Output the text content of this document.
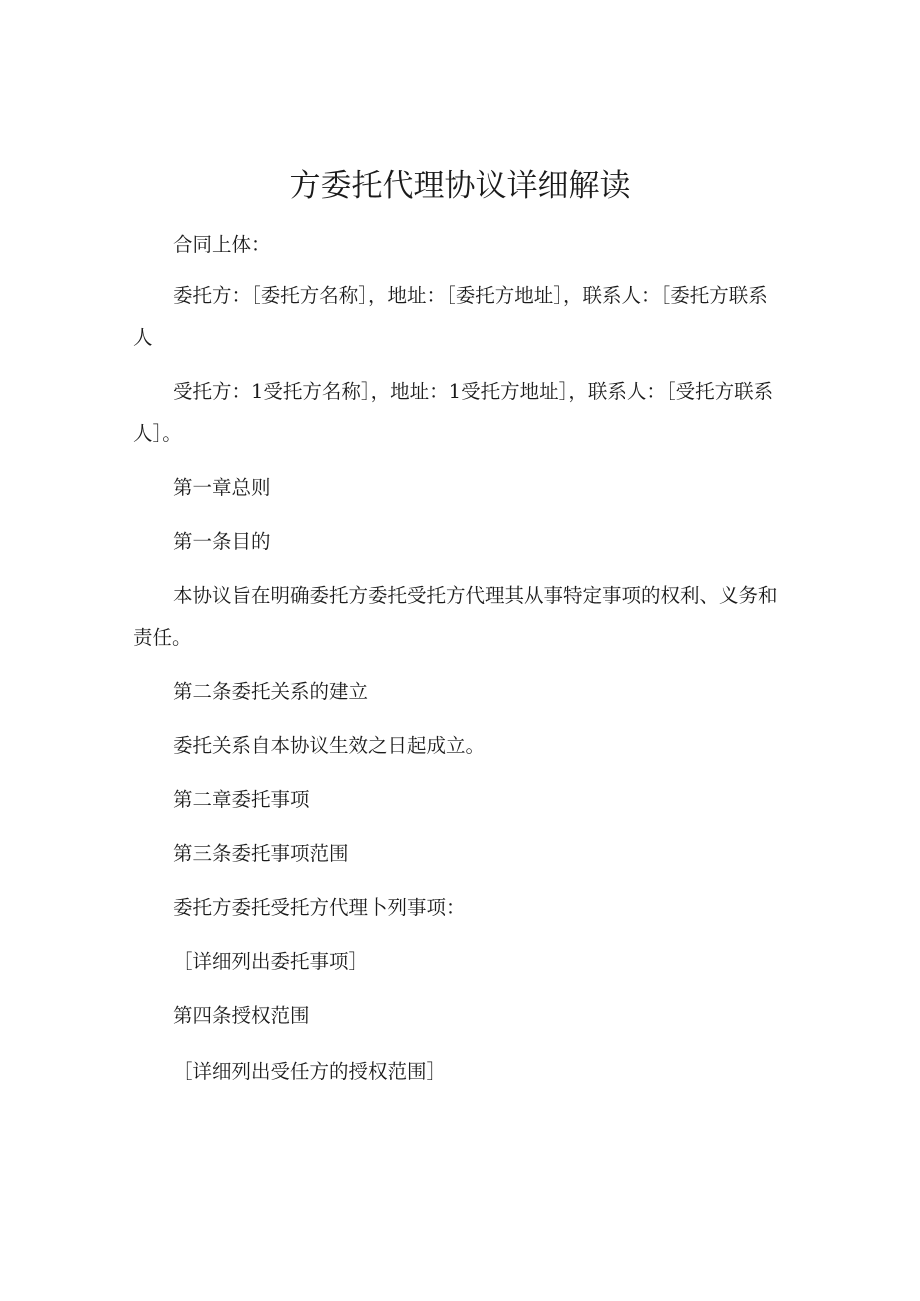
方委托代理协议详细解读

合同上体：

委托方：［委托方名称］，地址：［委托方地址］，联系人：［委托方联系人

受托方：1受托方名称］，地址：1受托方地址］，联系人：［受托方联系人］。

第一章总则

第一条目的

本协议旨在明确委托方委托受托方代理其从事特定事项的权利、义务和责任。

第二条委托关系的建立

委托关系自本协议生效之日起成立。

第二章委托事项

第三条委托事项范围

委托方委托受托方代理卜列事项：

［详细列出委托事项］

第四条授权范围

［详细列出受任方的授权范围］
